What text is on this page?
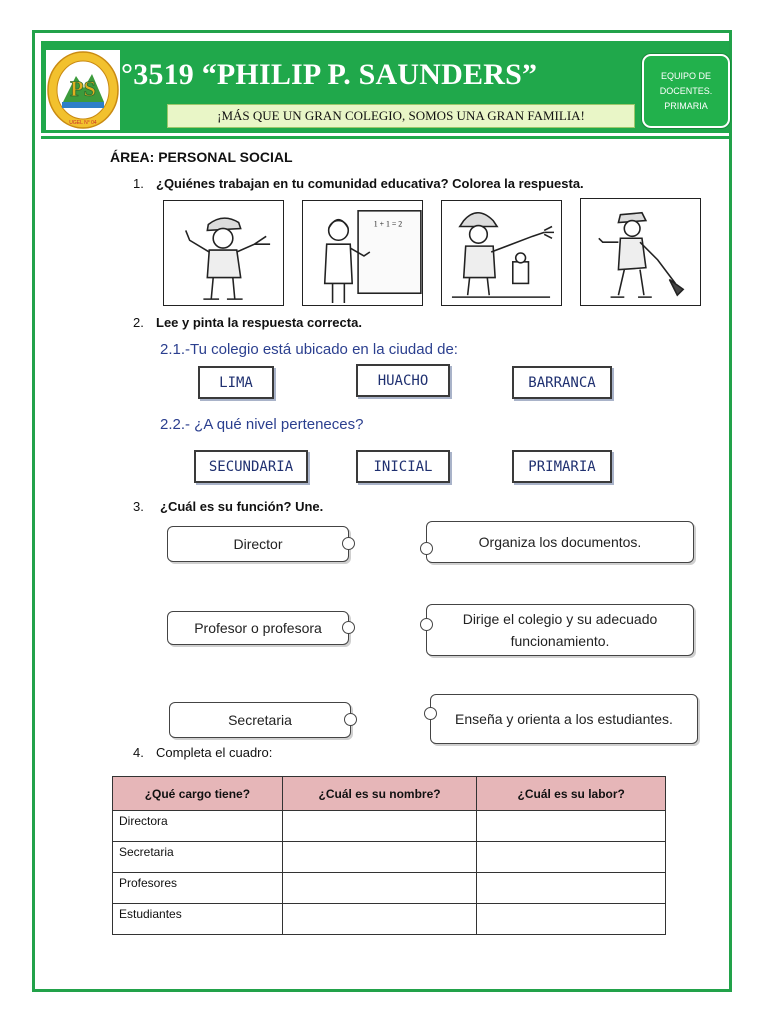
PS
UGEL N° 04
°3519 “PHILIP P. SAUNDERS”
¡MÁS QUE UN GRAN COLEGIO, SOMOS UNA GRAN FAMILIA!
EQUIPO DE
DOCENTES.
PRIMARIA
ÁREA: PERSONAL SOCIAL
1. ¿Quiénes trabajan en tu comunidad educativa? Colorea la respuesta.
1 + 1 = 2
2. Lee y pinta la respuesta correcta.
2.1.-Tu colegio está ubicado en la ciudad de:
LIMA	HUACHO	BARRANCA
2.2.- ¿A qué nivel perteneces?
SECUNDARIA	INICIAL	PRIMARIA
3. ¿Cuál es su función? Une.
Director
Profesor o profesora
Secretaria
Organiza los documentos.
Dirige el colegio y su adecuado funcionamiento.
Enseña y orienta a los estudiantes.
4. Completa el cuadro:
¿Qué cargo tiene?	¿Cuál es su nombre?	¿Cuál es su labor?
Directora		
Secretaria		
Profesores		
Estudiantes		
